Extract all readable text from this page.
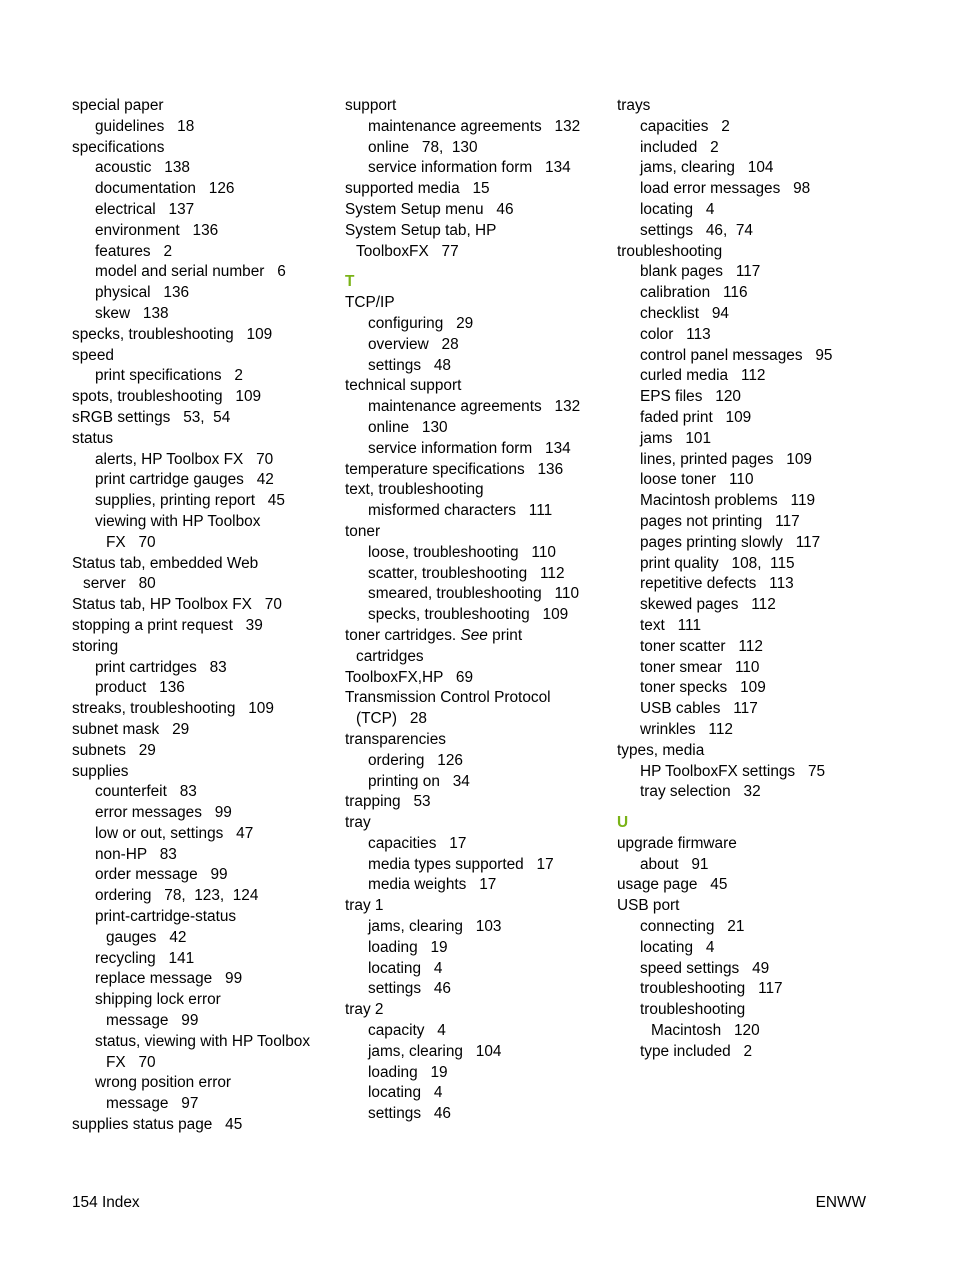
special paper
guidelines   18
specifications
acoustic   138
documentation   126
electrical   137
environment   136
features   2
model and serial number   6
physical   136
skew   138
specks, troubleshooting   109
speed
print specifications   2
spots, troubleshooting   109
sRGB settings   53,  54
status
alerts, HP Toolbox FX   70
print cartridge gauges   42
supplies, printing report   45
viewing with HP Toolbox
FX   70
Status tab, embedded Web
server   80
Status tab, HP Toolbox FX   70
stopping a print request   39
storing
print cartridges   83
product   136
streaks, troubleshooting   109
subnet mask   29
subnets   29
supplies
counterfeit   83
error messages   99
low or out, settings   47
non-HP   83
order message   99
ordering   78,  123,  124
print-cartridge-status
gauges   42
recycling   141
replace message   99
shipping lock error
message   99
status, viewing with HP Toolbox
FX   70
wrong position error
message   97
supplies status page   45
support
maintenance agreements   132
online   78,  130
service information form   134
supported media   15
System Setup menu   46
System Setup tab, HP
ToolboxFX   77
T
TCP/IP
configuring   29
overview   28
settings   48
technical support
maintenance agreements   132
online   130
service information form   134
temperature specifications   136
text, troubleshooting
misformed characters   111
toner
loose, troubleshooting   110
scatter, troubleshooting   112
smeared, troubleshooting   110
specks, troubleshooting   109
toner cartridges. See print
cartridges
ToolboxFX,HP   69
Transmission Control Protocol
(TCP)   28
transparencies
ordering   126
printing on   34
trapping   53
tray
capacities   17
media types supported   17
media weights   17
tray 1
jams, clearing   103
loading   19
locating   4
settings   46
tray 2
capacity   4
jams, clearing   104
loading   19
locating   4
settings   46
trays
capacities   2
included   2
jams, clearing   104
load error messages   98
locating   4
settings   46,  74
troubleshooting
blank pages   117
calibration   116
checklist   94
color   113
control panel messages   95
curled media   112
EPS files   120
faded print   109
jams   101
lines, printed pages   109
loose toner   110
Macintosh problems   119
pages not printing   117
pages printing slowly   117
print quality   108,  115
repetitive defects   113
skewed pages   112
text   111
toner scatter   112
toner smear   110
toner specks   109
USB cables   117
wrinkles   112
types, media
HP ToolboxFX settings   75
tray selection   32
U
upgrade firmware
about   91
usage page   45
USB port
connecting   21
locating   4
speed settings   49
troubleshooting   117
troubleshooting
Macintosh   120
type included   2
154 Index	ENWW
